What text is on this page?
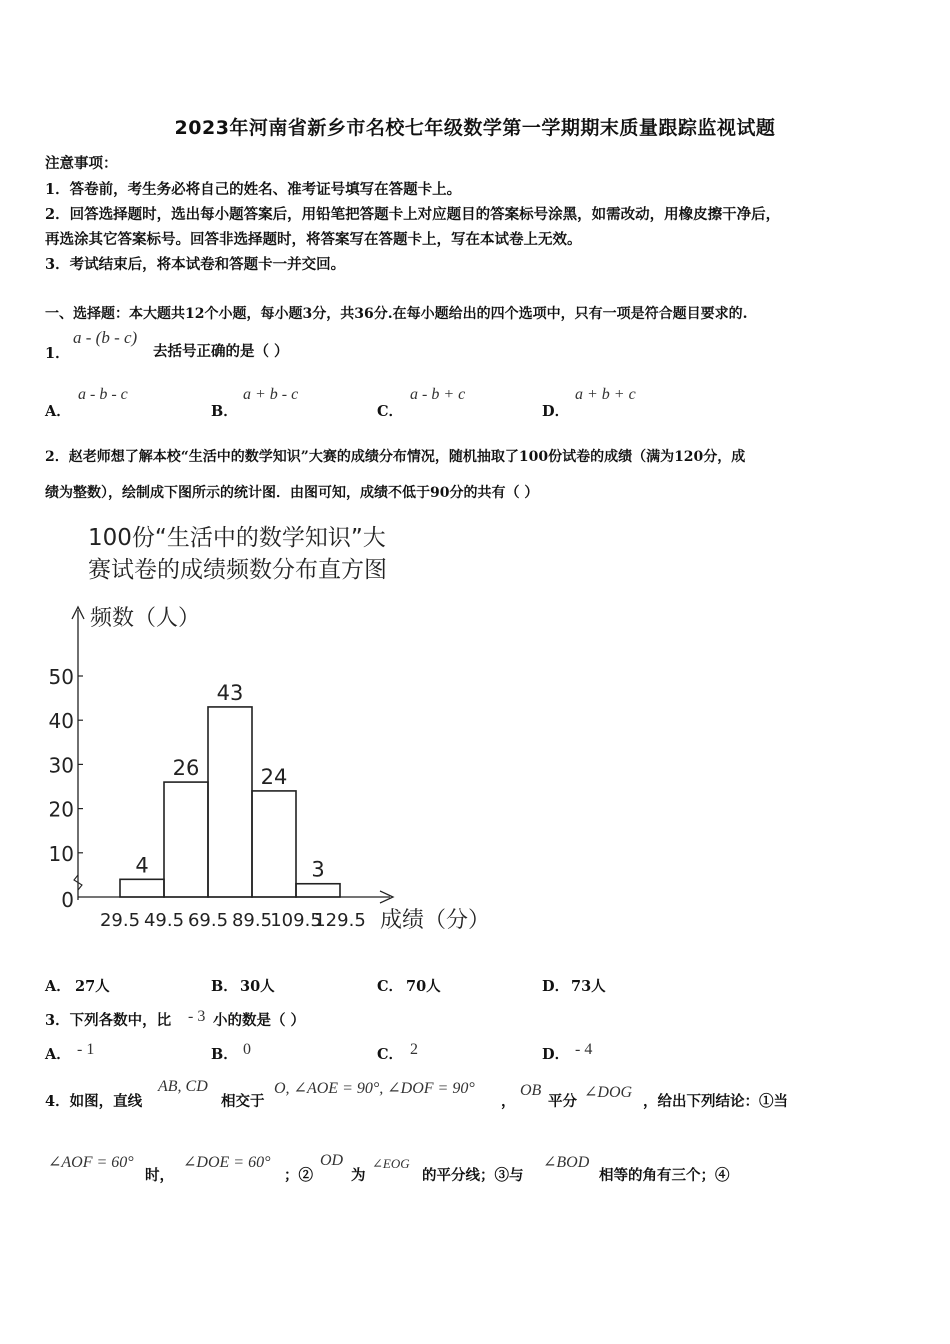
2023年河南省新乡市名校七年级数学第一学期期末质量跟踪监视试题
注意事项：
1．答卷前，考生务必将自己的姓名、准考证号填写在答题卡上。
2．回答选择题时，选出每小题答案后，用铅笔把答题卡上对应题目的答案标号涂黑，如需改动，用橡皮擦干净后，
再选涂其它答案标号。回答非选择题时，将答案写在答题卡上，写在本试卷上无效。
3．考试结束后，将本试卷和答题卡一并交回。
一、选择题：本大题共12个小题，每小题3分，共36分.在每小题给出的四个选项中，只有一项是符合题目要求的.
1．
a - (b - c)
去括号正确的是（ ）
A．
a - b - c
B．
a + b - c
C．
a - b + c
D．
a + b + c
2．赵老师想了解本校“生活中的数学知识”大赛的成绩分布情况，随机抽取了100份试卷的成绩（满为120分，成
绩为整数），绘制成下图所示的统计图．由图可知，成绩不低于90分的共有（ ）
100份“生活中的数学知识”大
赛试卷的成绩频数分布直方图
频数（人）
成绩（分）
0
10
20
30
40
50
29.5 49.5 69.5 89.5
109.5
129.5
4
26
43
24
3
A． 27人	B． 30人	C． 70人	D． 73人
3．下列各数中，比 - 3 小的数是（ ）
A． - 1	B． 0	C． 2	D． - 4
4．如图，直线
AB, CD
相交于
O, ∠AOE = 90°, ∠DOF = 90°
，
OB
平分
∠DOG
，给出下列结论：①当
∠AOF = 60°
时，
∠DOE = 60°
；②
OD
为
∠EOG
的平分线；③与
∠BOD
相等的角有三个；④
